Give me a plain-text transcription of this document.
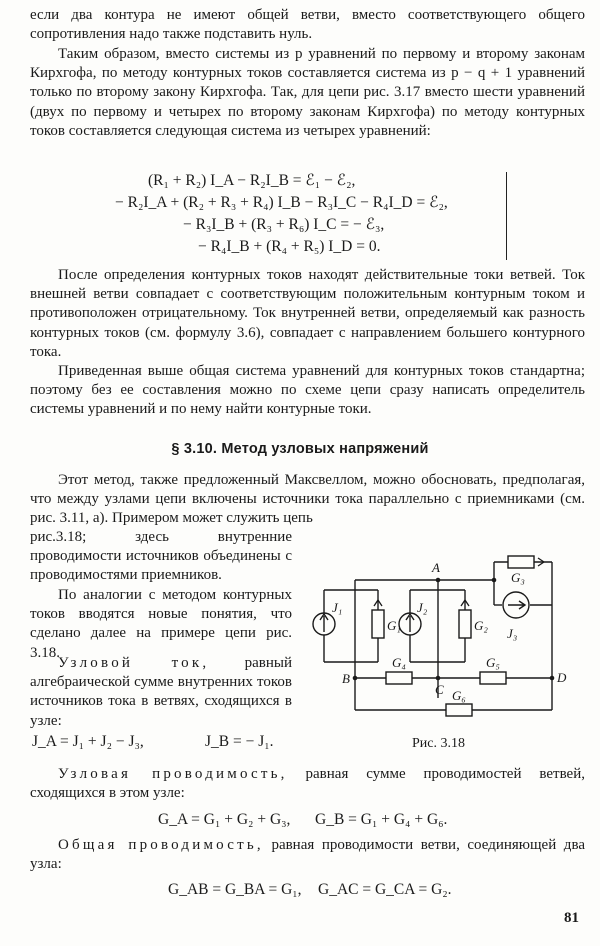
если два контура не имеют общей ветви, вместо соответствующего общего сопротивления надо также подставить нуль.

Таким образом, вместо системы из p уравнений по первому и второму законам Кирхгофа, по методу контурных токов составляется система из p − q + 1 уравнений только по второму закону Кирхгофа. Так, для цепи рис. 3.17 вместо шести уравнений (двух по первому и четырех по второму законам Кирхгофа) по методу контурных токов составляется следующая система из четырех уравнений:

(R₁ + R₂) I_A − R₂I_B = ℰ₁ − ℰ₂,
− R₂I_A + (R₂ + R₃ + R₄) I_B − R₃I_C − R₄I_D = ℰ₂,
− R₃I_B + (R₃ + R₆) I_C = − ℰ₃,
− R₄I_B + (R₄ + R₅) I_D = 0.

После определения контурных токов находят действительные токи ветвей. Ток внешней ветви совпадает с соответствующим положительным контурным током и противоположен отрицательному. Ток внутренней ветви, определяемый как разность контурных токов (см. формулу 3.6), совпадает с направлением большего контурного тока.

Приведенная выше общая система уравнений для контурных токов стандартна; поэтому без ее составления можно по схеме цепи сразу написать определитель системы уравнений и по нему найти контурные токи.

§ 3.10. Метод узловых напряжений

Этот метод, также предложенный Максвеллом, можно обосновать, предполагая, что между узлами цепи включены источники тока параллельно с приемниками (см. рис. 3.11, а). Примером может служить цепь

рис.3.18; здесь внутренние проводимости источников объединены с проводимостями приемников.

По аналогии с методом контурных токов вводятся новые понятия, что сделано далее на примере цепи рис. 3.18.

Узловой ток, равный алгебраической сумме внутренних токов источников тока в ветвях, сходящихся в узле:

J_A = J₁ + J₂ − J₃,	J_B = − J₁.
A
B
C
D
J₁	J₂
J₃
G₁	G₂
G₃
G₄	G₅
G₆
Рис. 3.18

Узловая проводимость, равная сумме проводимостей ветвей, сходящихся в этом узле:

G_A = G₁ + G₂ + G₃, G_B = G₁ + G₄ + G₆.

Общая проводимость, равная проводимости ветви, соединяющей два узла:

G_AB = G_BA = G₁, G_AC = G_CA = G₂.
81
